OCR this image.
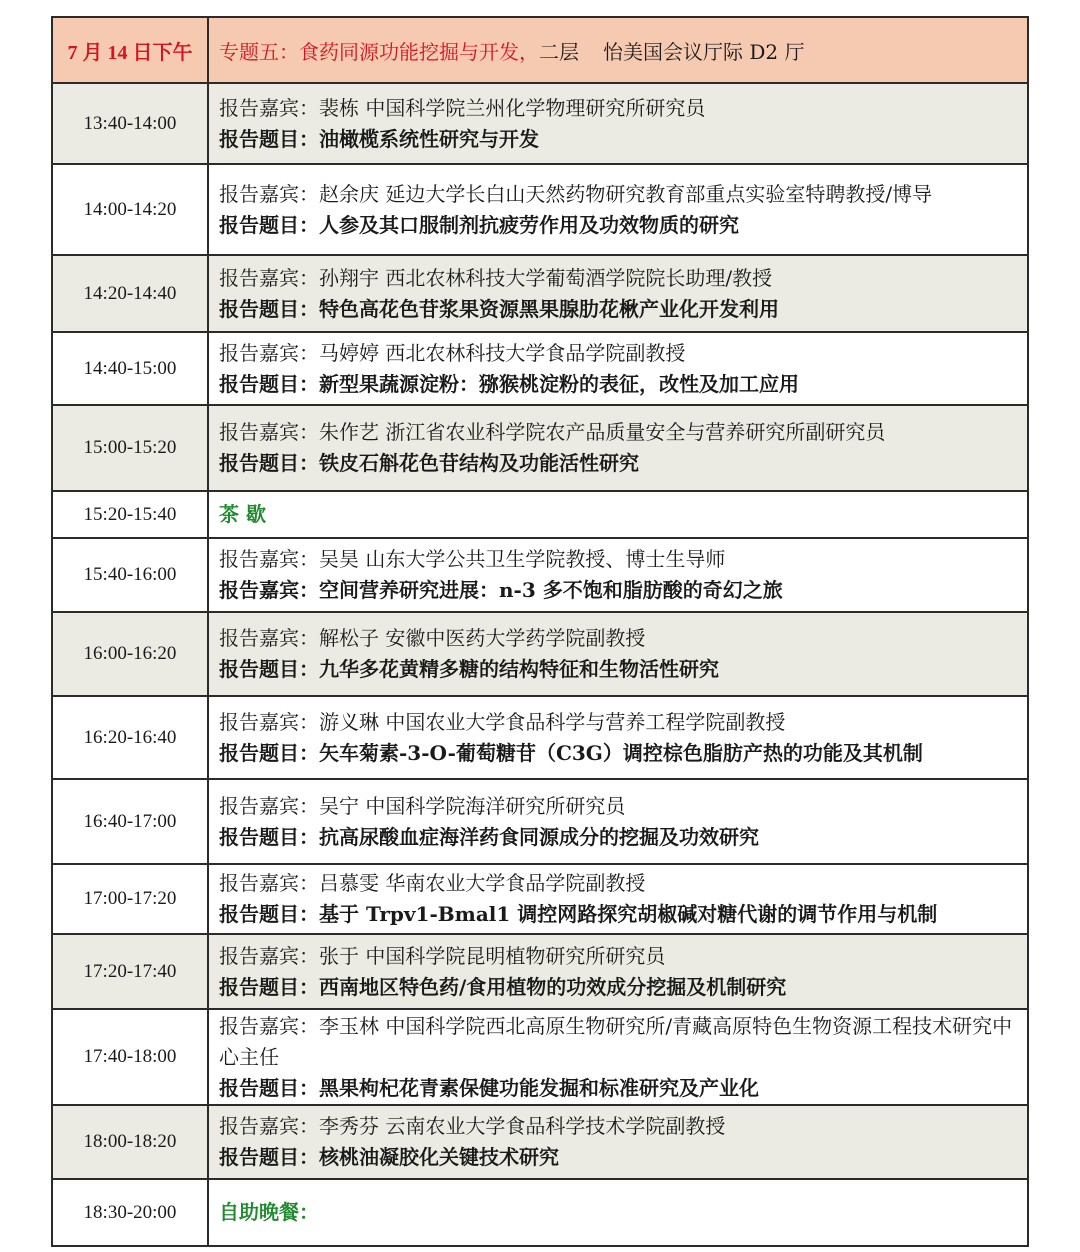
7 月 14 日下午	专题五：食药同源功能挖掘与开发，二层 怡美国会议厅际 D2 厅
13:40-14:00	报告嘉宾：裴栋 中国科学院兰州化学物理研究所研究员
报告题目：油橄榄系统性研究与开发

14:00-14:20	报告嘉宾：赵余庆 延边大学长白山天然药物研究教育部重点实验室特聘教授/博导
报告题目：人参及其口服制剂抗疲劳作用及功效物质的研究

14:20-14:40	报告嘉宾：孙翔宇 西北农林科技大学葡萄酒学院院长助理/教授
报告题目：特色高花色苷浆果资源黑果腺肋花楸产业化开发利用

14:40-15:00	报告嘉宾：马婷婷 西北农林科技大学食品学院副教授
报告题目：新型果蔬源淀粉：猕猴桃淀粉的表征，改性及加工应用

15:00-15:20	报告嘉宾：朱作艺 浙江省农业科学院农产品质量安全与营养研究所副研究员
报告题目：铁皮石斛花色苷结构及功能活性研究

15:20-15:40	茶 歇

15:40-16:00	报告嘉宾：吴昊 山东大学公共卫生学院教授、博士生导师
报告嘉宾：空间营养研究进展：n-3 多不饱和脂肪酸的奇幻之旅

16:00-16:20	报告嘉宾：解松子 安徽中医药大学药学院副教授
报告题目：九华多花黄精多糖的结构特征和生物活性研究

16:20-16:40	报告嘉宾：游义琳 中国农业大学食品科学与营养工程学院副教授
报告题目：矢车菊素-3-O-葡萄糖苷（C3G）调控棕色脂肪产热的功能及其机制

16:40-17:00	报告嘉宾：吴宁 中国科学院海洋研究所研究员
报告题目：抗高尿酸血症海洋药食同源成分的挖掘及功效研究

17:00-17:20	报告嘉宾：吕慕雯 华南农业大学食品学院副教授
报告题目：基于 Trpv1-Bmal1 调控网路探究胡椒碱对糖代谢的调节作用与机制

17:20-17:40	报告嘉宾：张于 中国科学院昆明植物研究所研究员
报告题目：西南地区特色药/食用植物的功效成分挖掘及机制研究

17:40-18:00	报告嘉宾：李玉林 中国科学院西北高原生物研究所/青藏高原特色生物资源工程技术研究中心主任
报告题目：黑果枸杞花青素保健功能发掘和标准研究及产业化

18:00-18:20	报告嘉宾：李秀芬 云南农业大学食品科学技术学院副教授
报告题目：核桃油凝胶化关键技术研究

18:30-20:00	自助晚餐：
